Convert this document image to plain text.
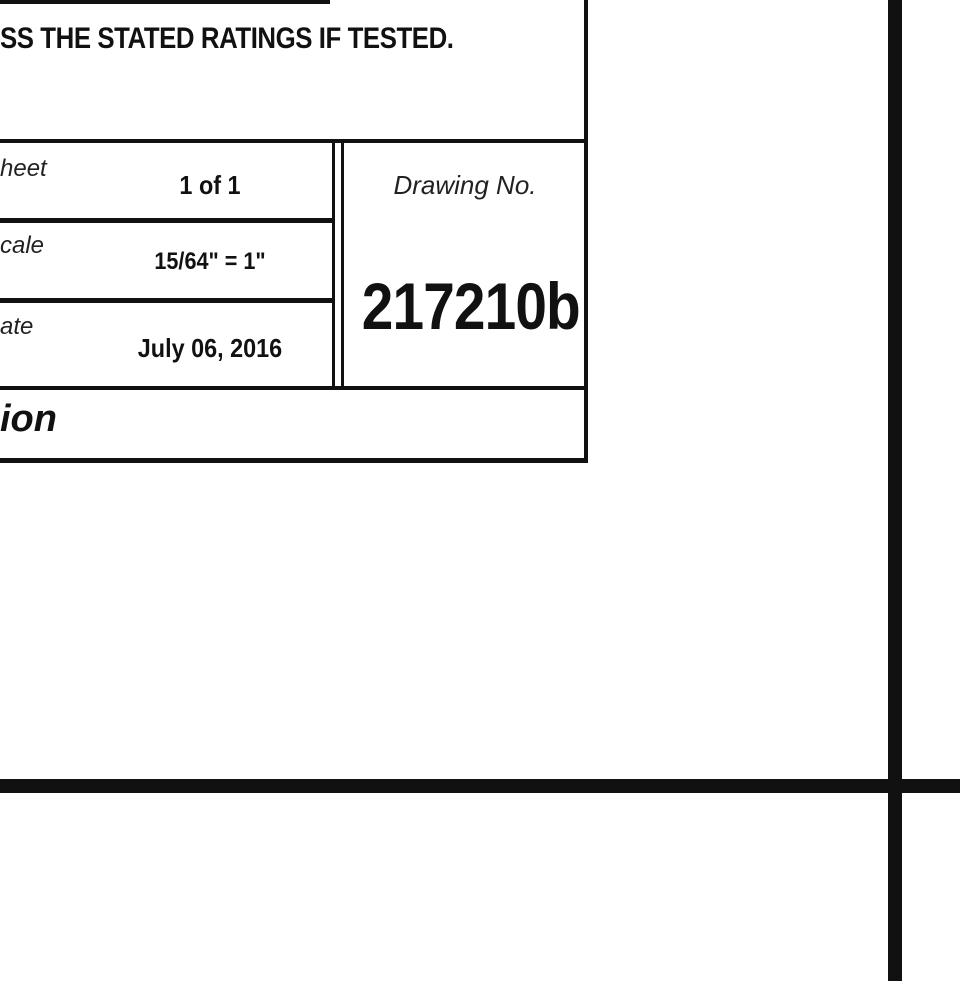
SS THE STATED RATINGS IF TESTED.
heet
1 of 1
cale
15/64" = 1"
ate
July 06, 2016
Drawing No.
217210b
ion
